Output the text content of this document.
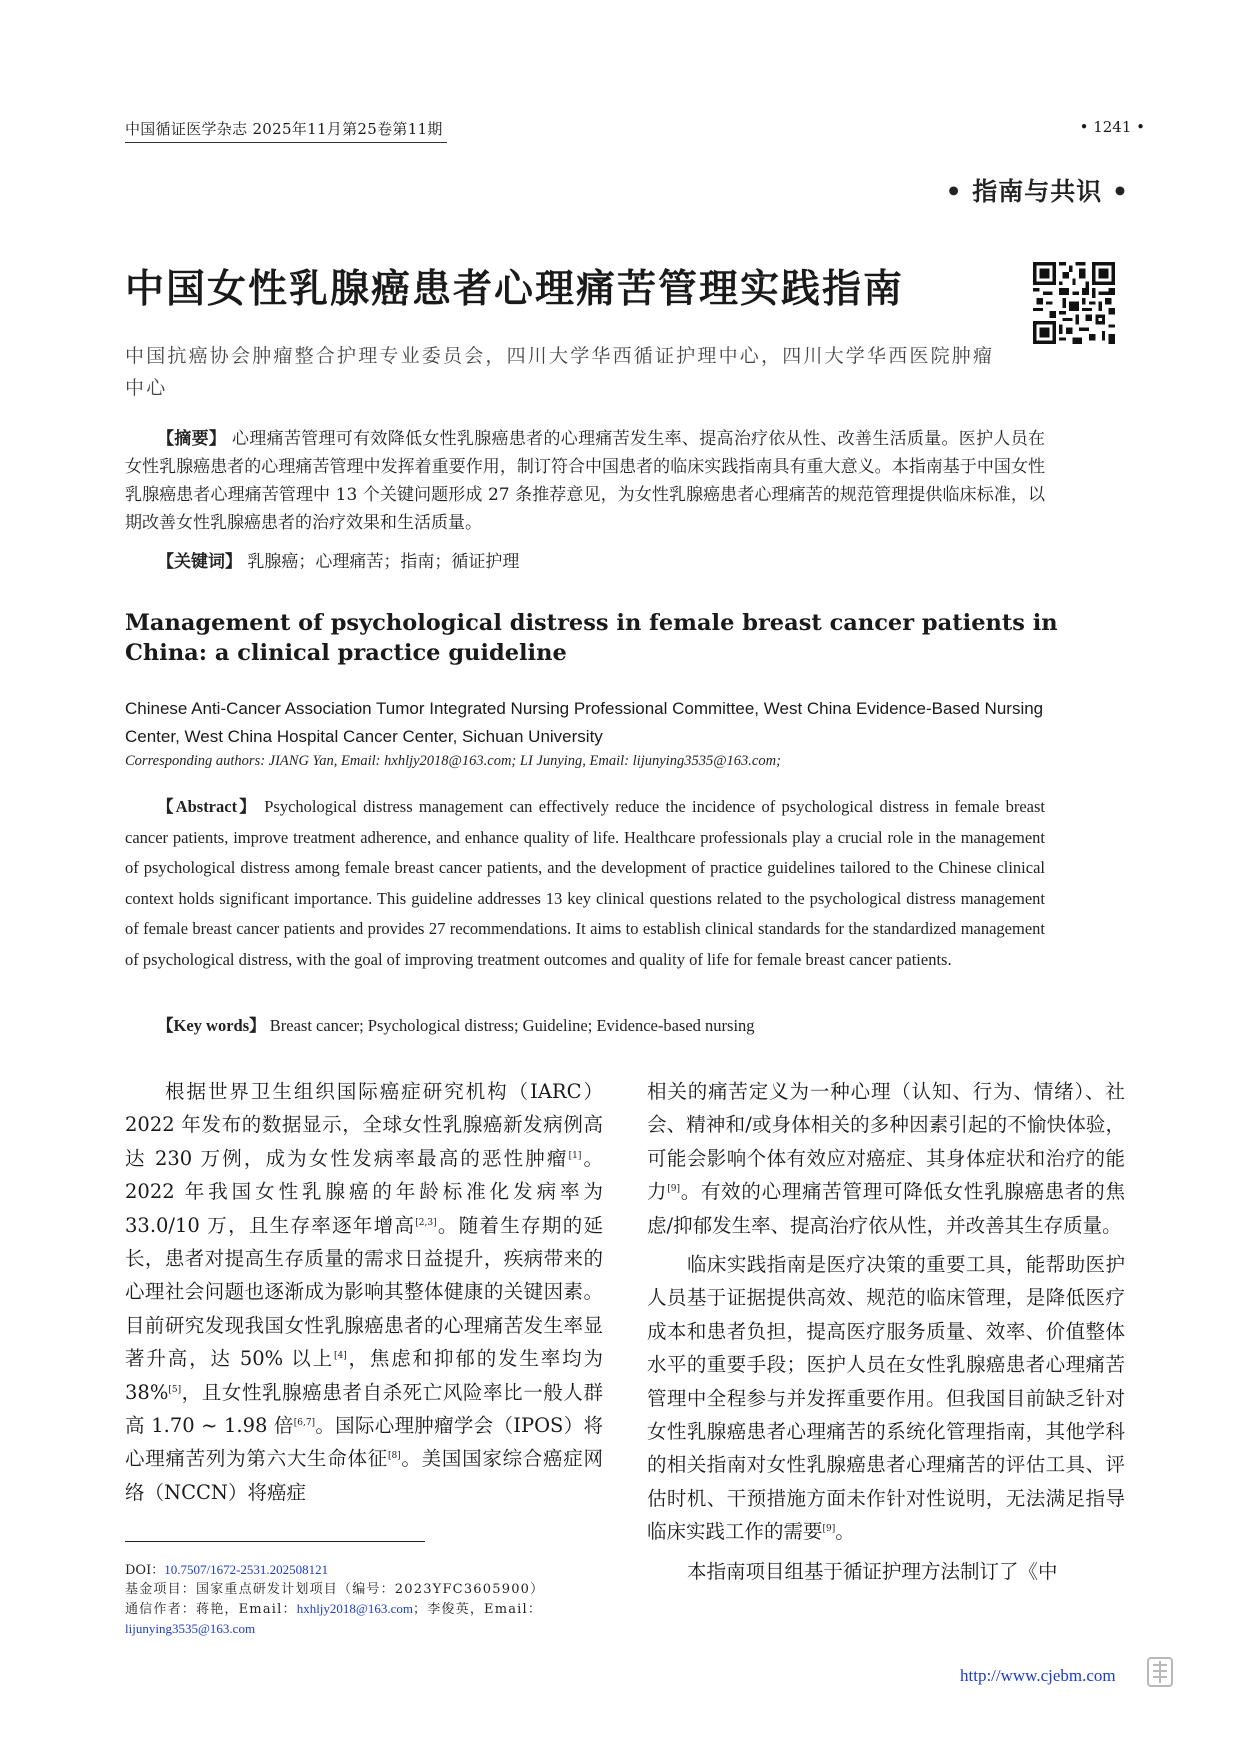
中国循证医学杂志 2025年11月第25卷第11期	• 1241 •
• 指南与共识 •
中国女性乳腺癌患者心理痛苦管理实践指南
中国抗癌协会肿瘤整合护理专业委员会，四川大学华西循证护理中心，四川大学华西医院肿瘤中心
【摘要】 心理痛苦管理可有效降低女性乳腺癌患者的心理痛苦发生率、提高治疗依从性、改善生活质量。医护人员在女性乳腺癌患者的心理痛苦管理中发挥着重要作用，制订符合中国患者的临床实践指南具有重大意义。本指南基于中国女性乳腺癌患者心理痛苦管理中 13 个关键问题形成 27 条推荐意见，为女性乳腺癌患者心理痛苦的规范管理提供临床标准，以期改善女性乳腺癌患者的治疗效果和生活质量。
【关键词】 乳腺癌；心理痛苦；指南；循证护理
Management of psychological distress in female breast cancer patients in China: a clinical practice guideline
Chinese Anti-Cancer Association Tumor Integrated Nursing Professional Committee, West China Evidence-Based Nursing Center, West China Hospital Cancer Center, Sichuan University
Corresponding authors: JIANG Yan, Email: hxhljy2018@163.com; LI Junying, Email: lijunying3535@163.com;
【Abstract】 Psychological distress management can effectively reduce the incidence of psychological distress in female breast cancer patients, improve treatment adherence, and enhance quality of life. Healthcare professionals play a crucial role in the management of psychological distress among female breast cancer patients, and the development of practice guidelines tailored to the Chinese clinical context holds significant importance. This guideline addresses 13 key clinical questions related to the psychological distress management of female breast cancer patients and provides 27 recommendations. It aims to establish clinical standards for the standardized management of psychological distress, with the goal of improving treatment outcomes and quality of life for female breast cancer patients.
【Key words】 Breast cancer; Psychological distress; Guideline; Evidence-based nursing

根据世界卫生组织国际癌症研究机构（IARC）2022 年发布的数据显示，全球女性乳腺癌新发病例高达 230 万例，成为女性发病率最高的恶性肿瘤[1]。2022 年我国女性乳腺癌的年龄标准化发病率为 33.0/10 万，且生存率逐年增高[2,3]。随着生存期的延长，患者对提高生存质量的需求日益提升，疾病带来的心理社会问题也逐渐成为影响其整体健康的关键因素。目前研究发现我国女性乳腺癌患者的心理痛苦发生率显著升高，达 50% 以上[4]，焦虑和抑郁的发生率均为 38%[5]，且女性乳腺癌患者自杀死亡风险率比一般人群高 1.70 ~ 1.98 倍[6,7]。国际心理肿瘤学会（IPOS）将心理痛苦列为第六大生命体征[8]。美国国家综合癌症网络（NCCN）将癌症

相关的痛苦定义为一种心理（认知、行为、情绪）、社会、精神和/或身体相关的多种因素引起的不愉快体验，可能会影响个体有效应对癌症、其身体症状和治疗的能力[9]。有效的心理痛苦管理可降低女性乳腺癌患者的焦虑/抑郁发生率、提高治疗依从性，并改善其生存质量。

临床实践指南是医疗决策的重要工具，能帮助医护人员基于证据提供高效、规范的临床管理，是降低医疗成本和患者负担，提高医疗服务质量、效率、价值整体水平的重要手段；医护人员在女性乳腺癌患者心理痛苦管理中全程参与并发挥重要作用。但我国目前缺乏针对女性乳腺癌患者心理痛苦的系统化管理指南，其他学科的相关指南对女性乳腺癌患者心理痛苦的评估工具、评估时机、干预措施方面未作针对性说明，无法满足指导临床实践工作的需要[9]。

本指南项目组基于循证护理方法制订了《中

DOI：10.7507/1672-2531.202508121
基金项目：国家重点研发计划项目（编号：2023YFC3605900）
通信作者：蒋艳，Email：hxhljy2018@163.com；李俊英，Email：
lijunying3535@163.com
http://www.cjebm.com
